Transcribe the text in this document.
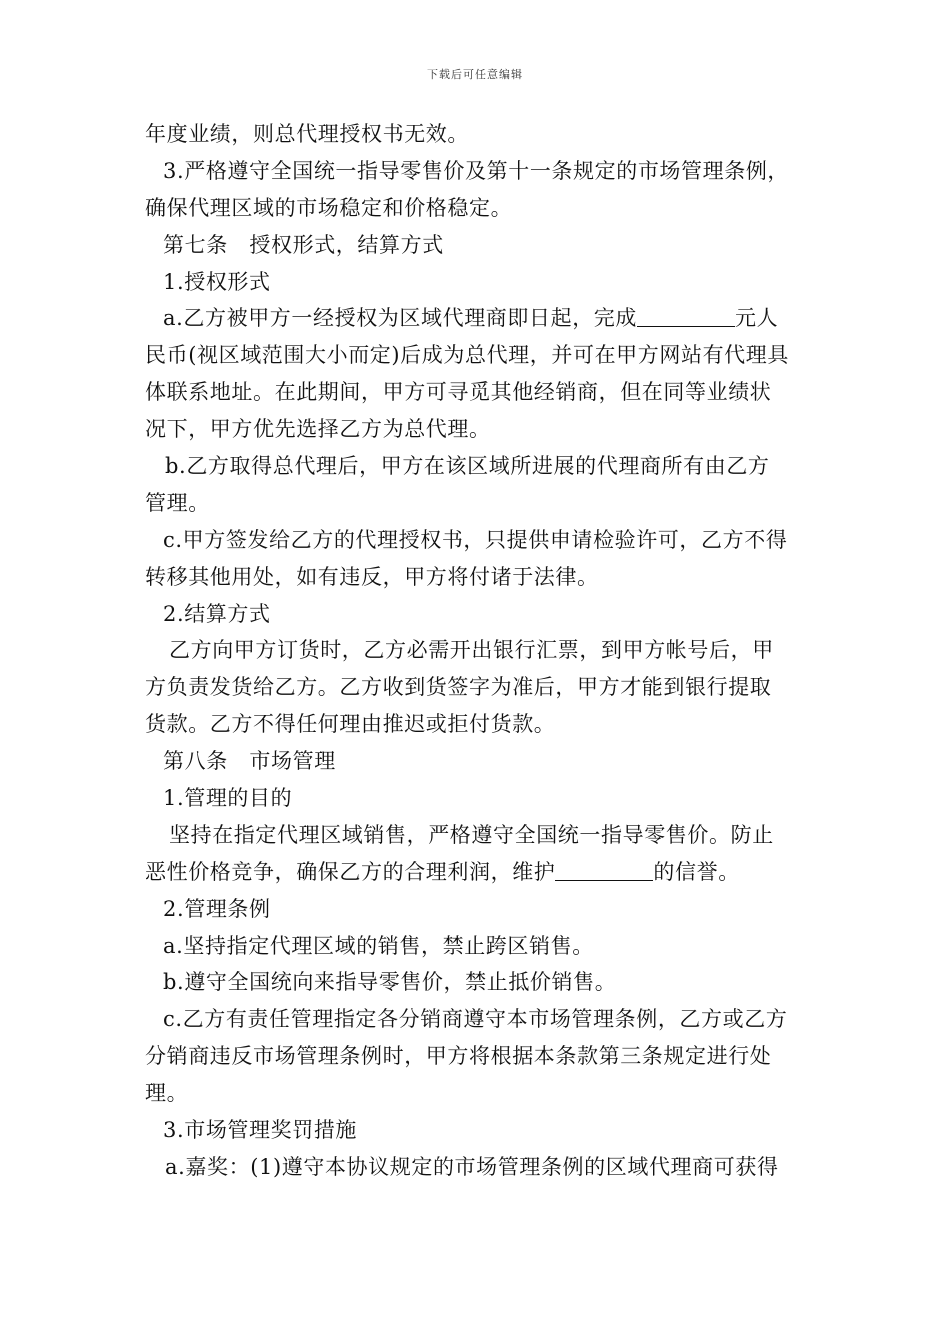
下载后可任意编辑
年度业绩，则总代理授权书无效。
3.严格遵守全国统一指导零售价及第十一条规定的市场管理条例，
确保代理区域的市场稳定和价格稳定。
第七条　授权形式，结算方式
1.授权形式
a.乙方被甲方一经授权为区域代理商即日起，完成	元人
民币(视区域范围大小而定)后成为总代理，并可在甲方网站有代理具
体联系地址。在此期间，甲方可寻觅其他经销商，但在同等业绩状
况下，甲方优先选择乙方为总代理。
b.乙方取得总代理后，甲方在该区域所进展的代理商所有由乙方
管理。
c.甲方签发给乙方的代理授权书，只提供申请检验许可，乙方不得
转移其他用处，如有违反，甲方将付诸于法律。
2.结算方式
乙方向甲方订货时，乙方必需开出银行汇票，到甲方帐号后，甲
方负责发货给乙方。乙方收到货签字为准后，甲方才能到银行提取
货款。乙方不得任何理由推迟或拒付货款。
第八条　市场管理
1.管理的目的
坚持在指定代理区域销售，严格遵守全国统一指导零售价。防止
恶性价格竞争，确保乙方的合理利润，维护	的信誉。
2.管理条例
a.坚持指定代理区域的销售，禁止跨区销售。
b.遵守全国统向来指导零售价，禁止抵价销售。
c.乙方有责任管理指定各分销商遵守本市场管理条例，乙方或乙方
分销商违反市场管理条例时，甲方将根据本条款第三条规定进行处
理。
3.市场管理奖罚措施
a.嘉奖：(1)遵守本协议规定的市场管理条例的区域代理商可获得
